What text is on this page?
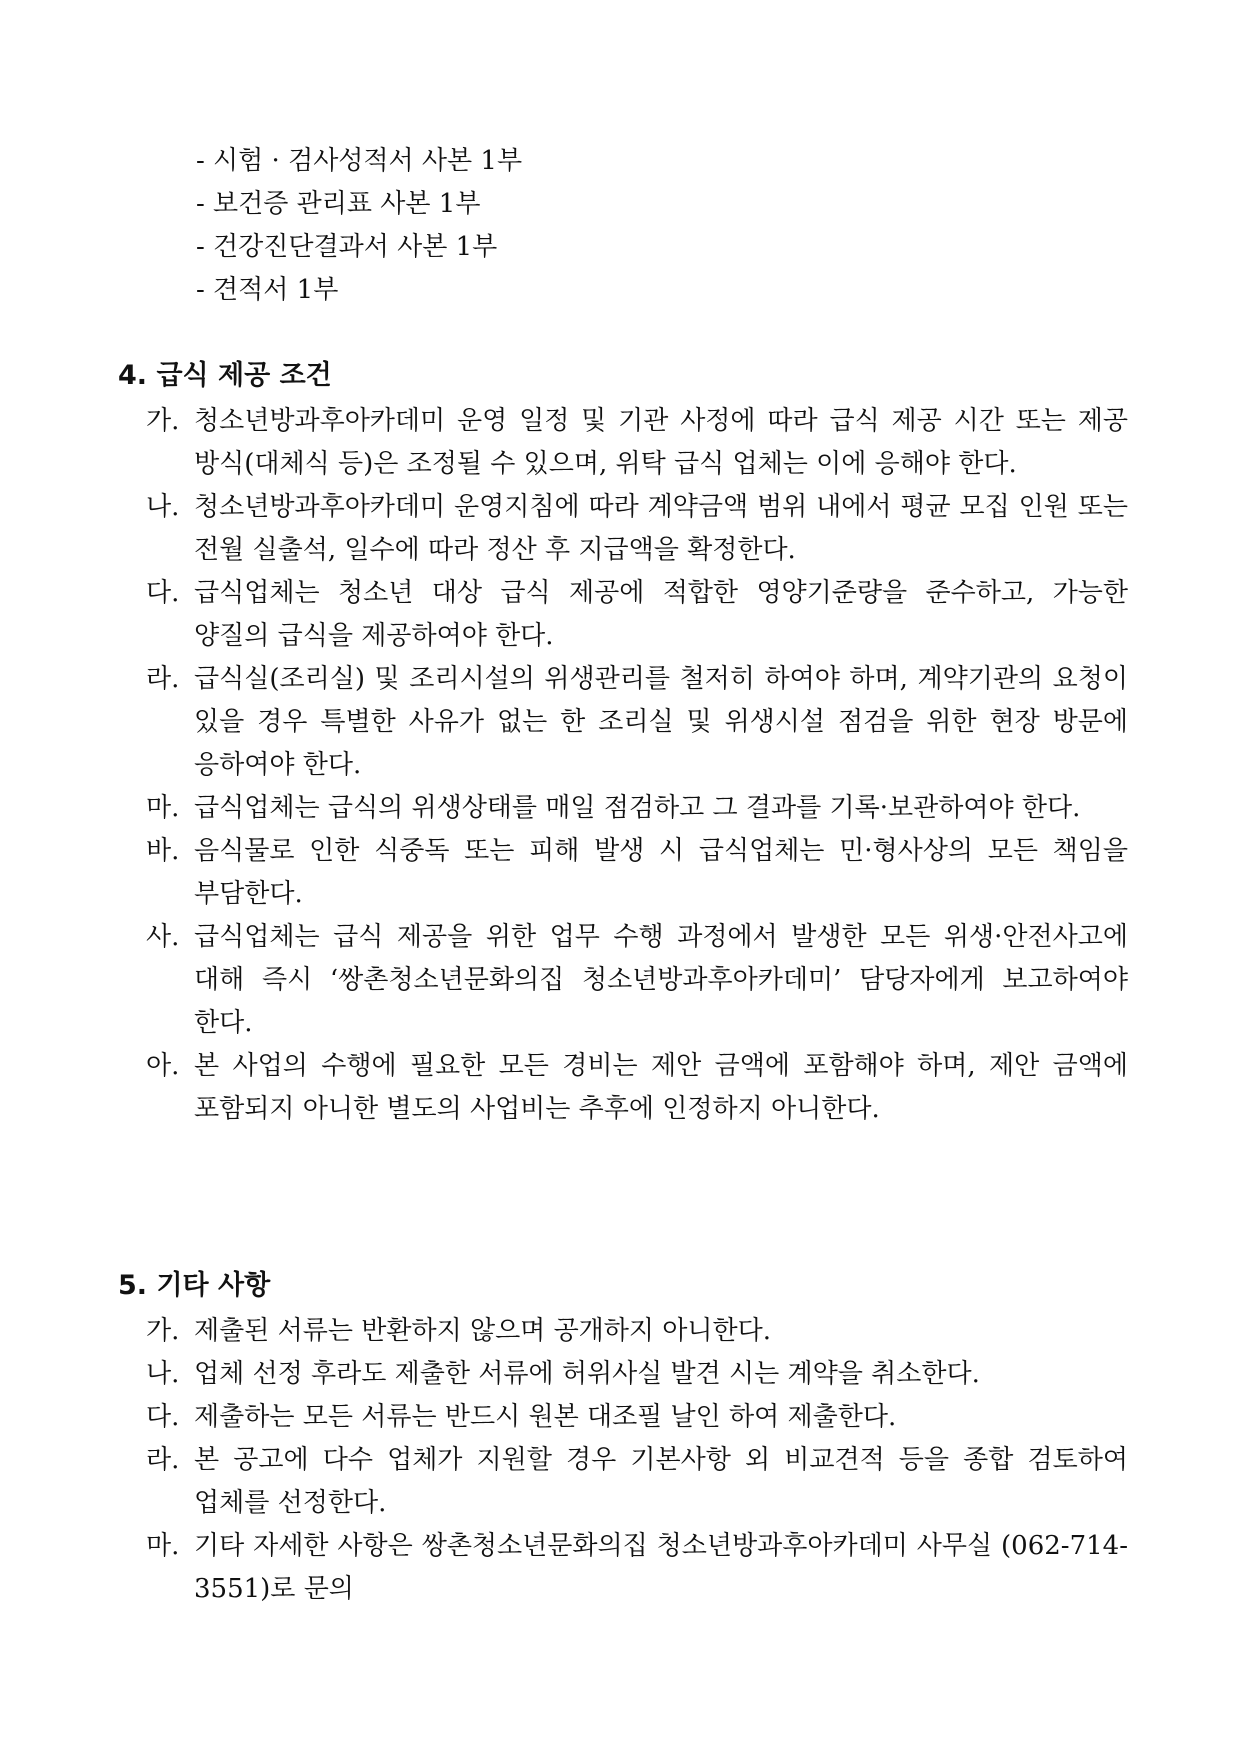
- 시험 · 검사성적서 사본 1부
- 보건증 관리표 사본 1부
- 건강진단결과서 사본 1부
- 견적서 1부
4. 급식 제공 조건
가. 청소년방과후아카데미 운영 일정 및 기관 사정에 따라 급식 제공 시간 또는 제공 방식(대체식 등)은 조정될 수 있으며, 위탁 급식 업체는 이에 응해야 한다.
나. 청소년방과후아카데미 운영지침에 따라 계약금액 범위 내에서 평균 모집 인원 또는 전월 실출석, 일수에 따라 정산 후 지급액을 확정한다.
다. 급식업체는 청소년 대상 급식 제공에 적합한 영양기준량을 준수하고, 가능한 양질의 급식을 제공하여야 한다.
라. 급식실(조리실) 및 조리시설의 위생관리를 철저히 하여야 하며, 계약기관의 요청이 있을 경우 특별한 사유가 없는 한 조리실 및 위생시설 점검을 위한 현장 방문에 응하여야 한다.
마. 급식업체는 급식의 위생상태를 매일 점검하고 그 결과를 기록·보관하여야 한다.
바. 음식물로 인한 식중독 또는 피해 발생 시 급식업체는 민·형사상의 모든 책임을 부담한다.
사. 급식업체는 급식 제공을 위한 업무 수행 과정에서 발생한 모든 위생·안전사고에 대해 즉시 ‘쌍촌청소년문화의집 청소년방과후아카데미’ 담당자에게 보고하여야 한다.
아. 본 사업의 수행에 필요한 모든 경비는 제안 금액에 포함해야 하며, 제안 금액에 포함되지 아니한 별도의 사업비는 추후에 인정하지 아니한다.
5. 기타 사항
가. 제출된 서류는 반환하지 않으며 공개하지 아니한다.
나. 업체 선정 후라도 제출한 서류에 허위사실 발견 시는 계약을 취소한다.
다. 제출하는 모든 서류는 반드시 원본 대조필 날인 하여 제출한다.
라. 본 공고에 다수 업체가 지원할 경우 기본사항 외 비교견적 등을 종합 검토하여 업체를 선정한다.
마. 기타 자세한 사항은 쌍촌청소년문화의집 청소년방과후아카데미 사무실 (062-714-3551)로 문의
